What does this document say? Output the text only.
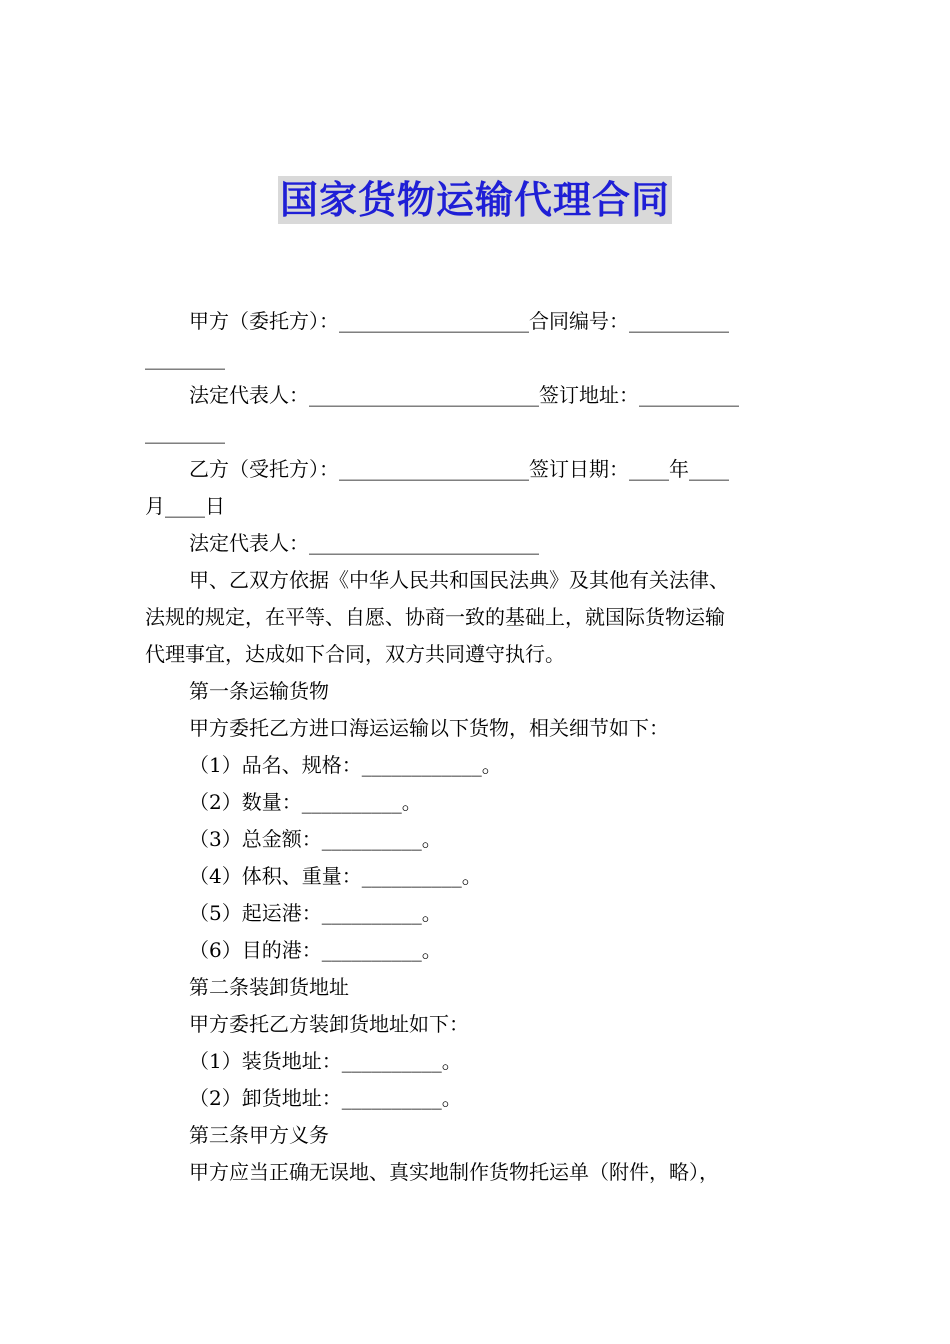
国家货物运输代理合同
甲方（委托方）：___________________合同编号：__________
________
法定代表人：_______________________签订地址：__________
________
乙方（受托方）：___________________签订日期：____年____
月____日
法定代表人：_______________________
甲、乙双方依据《中华人民共和国民法典》及其他有关法律、
法规的规定，在平等、自愿、协商一致的基础上，就国际货物运输
代理事宜，达成如下合同，双方共同遵守执行。
第一条运输货物
甲方委托乙方进口海运运输以下货物，相关细节如下：
（1）品名、规格：____________。
（2）数量：__________。
（3）总金额：__________。
（4）体积、重量：__________。
（5）起运港：__________。
（6）目的港：__________。
第二条装卸货地址
甲方委托乙方装卸货地址如下：
（1）装货地址：__________。
（2）卸货地址：__________。
第三条甲方义务
甲方应当正确无误地、真实地制作货物托运单（附件，略），
